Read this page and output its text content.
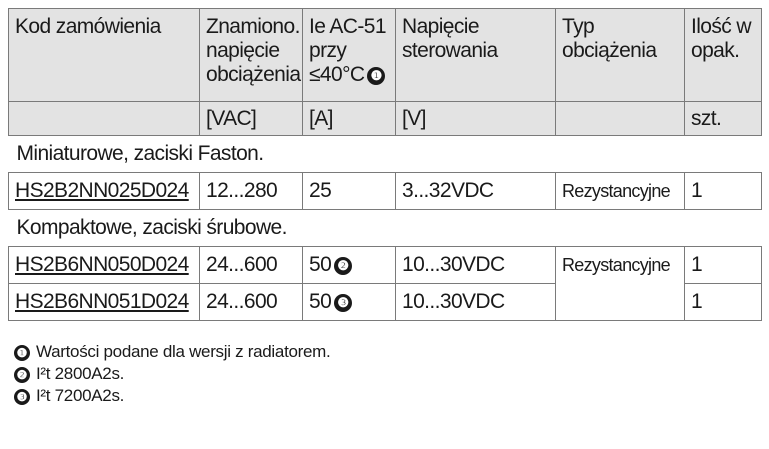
Kod zamówienia	Znamiono. napięcie obciążenia	Ie AC-51 przy ≤40°C ❶	Napięcie sterowania	Typ obciążenia	Ilość w opak.
	[VAC]	[A]	[V]		szt.
Miniaturowe, zaciski Faston.					
HS2B2NN025D024	12...280	25	3...32VDC	Rezystancyjne	1
Kompaktowe, zaciski śrubowe.					
HS2B6NN050D024	24...600	50 ❷	10...30VDC	Rezystancyjne	1
HS2B6NN051D024	24...600	50 ❸	10...30VDC		1
❶ Wartości podane dla wersji z radiatorem.
❷ I²t 2800A2s.
❸ I²t 7200A2s.
